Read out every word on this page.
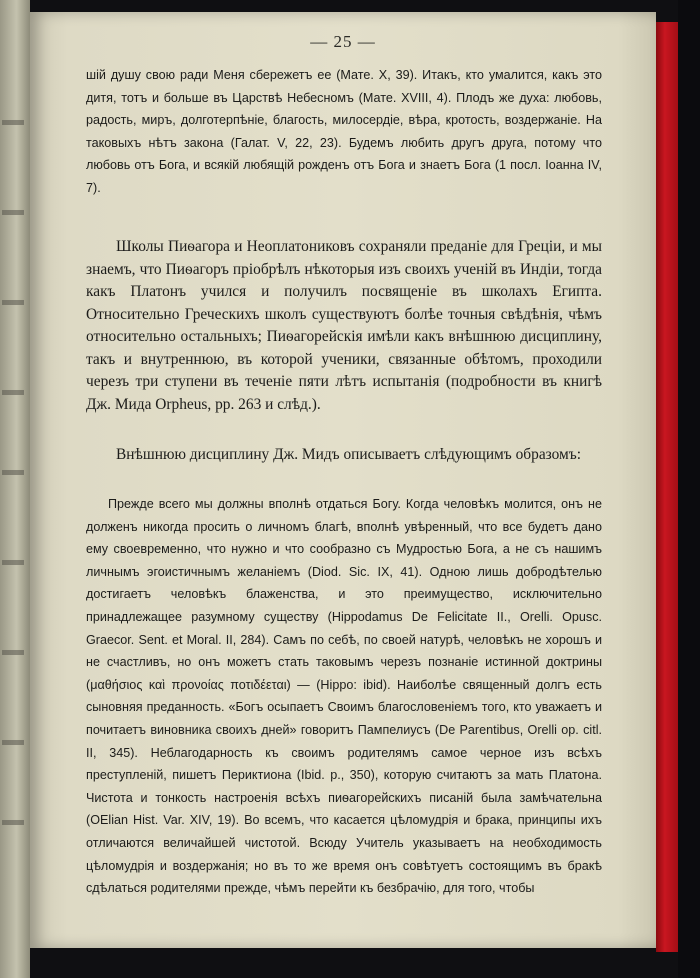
— 25 —

шій душу свою ради Меня сбережетъ ее (Мате. X, 39). Итакъ, кто умалится, какъ это дитя, тотъ и больше въ Царствѣ Небесномъ (Мате. XVIII, 4). Плодъ же духа: любовь, радость, миръ, долготерпѣніе, благость, милосердіе, вѣра, кротость, воздержаніе. На таковыхъ нѣтъ закона (Галат. V, 22, 23). Будемъ любить другъ друга, потому что любовь отъ Бога, и всякій любящій рожденъ отъ Бога и знаетъ Бога (1 посл. Іоанна IV, 7).

Школы Пиѳагора и Неоплатониковъ сохраняли преданіе для Греціи, и мы знаемъ, что Пиѳагоръ пріобрѣлъ нѣкоторыя изъ своихъ ученій въ Индіи, тогда какъ Платонъ учился и получилъ посвященіе въ школахъ Египта. Относительно Греческихъ школъ существуютъ болѣе точныя свѣдѣнія, чѣмъ относительно остальныхъ; Пиѳагорейскія имѣли какъ внѣшнюю дисциплину, такъ и внутреннюю, въ которой ученики, связанные обѣтомъ, проходили черезъ три ступени въ теченіе пяти лѣтъ испытанія (подробности въ книгѣ Дж. Мида Orpheus, pp. 263 и слѣд.).

Внѣшнюю дисциплину Дж. Мидъ описываетъ слѣдующимъ образомъ:

Прежде всего мы должны вполнѣ отдаться Богу. Когда человѣкъ молится, онъ не долженъ никогда просить о личномъ благѣ, вполнѣ увѣренный, что все будетъ дано ему своевременно, что нужно и что сообразно съ Мудростью Бога, а не съ нашимъ личнымъ эгоистичнымъ желаніемъ (Diod. Sic. IX, 41). Одною лишь добродѣтелью достигаетъ человѣкъ блаженства, и это преимущество, исключительно принадлежащее разумному существу (Hippodamus De Felicitate II., Orelli. Opusc. Graecor. Sent. et Moral. II, 284). Самъ по себѣ, по своей натурѣ, человѣкъ не хорошъ и не счастливъ, но онъ можетъ стать таковымъ черезъ познаніе истинной доктрины (μαθήσιος καὶ προνοίας ποτιδέεται) — (Hippo: ibid). Наиболѣе священный долгъ есть сыновняя преданность. «Богъ осыпаетъ Своимъ благословеніемъ того, кто уважаетъ и почитаетъ виновника своихъ дней» говоритъ Пампелиусъ (De Parentibus, Orelli op. citl. II, 345). Неблагодарность къ своимъ родителямъ самое черное изъ всѣхъ преступленій, пишетъ Периктиона (Ibid. p., 350), которую считаютъ за мать Платона. Чистота и тонкость настроенія всѣхъ пиѳагорейскихъ писаній была замѣчательна (OElian Hist. Var. XIV, 19). Во всемъ, что касается цѣломудрія и брака, принципы ихъ отличаются величайшей чистотой. Всюду Учитель указываетъ на необходимость цѣломудрія и воздержанія; но въ то же время онъ совѣтуетъ состоящимъ въ бракѣ сдѣлаться родителями прежде, чѣмъ перейти къ безбрачію, для того, чтобы
